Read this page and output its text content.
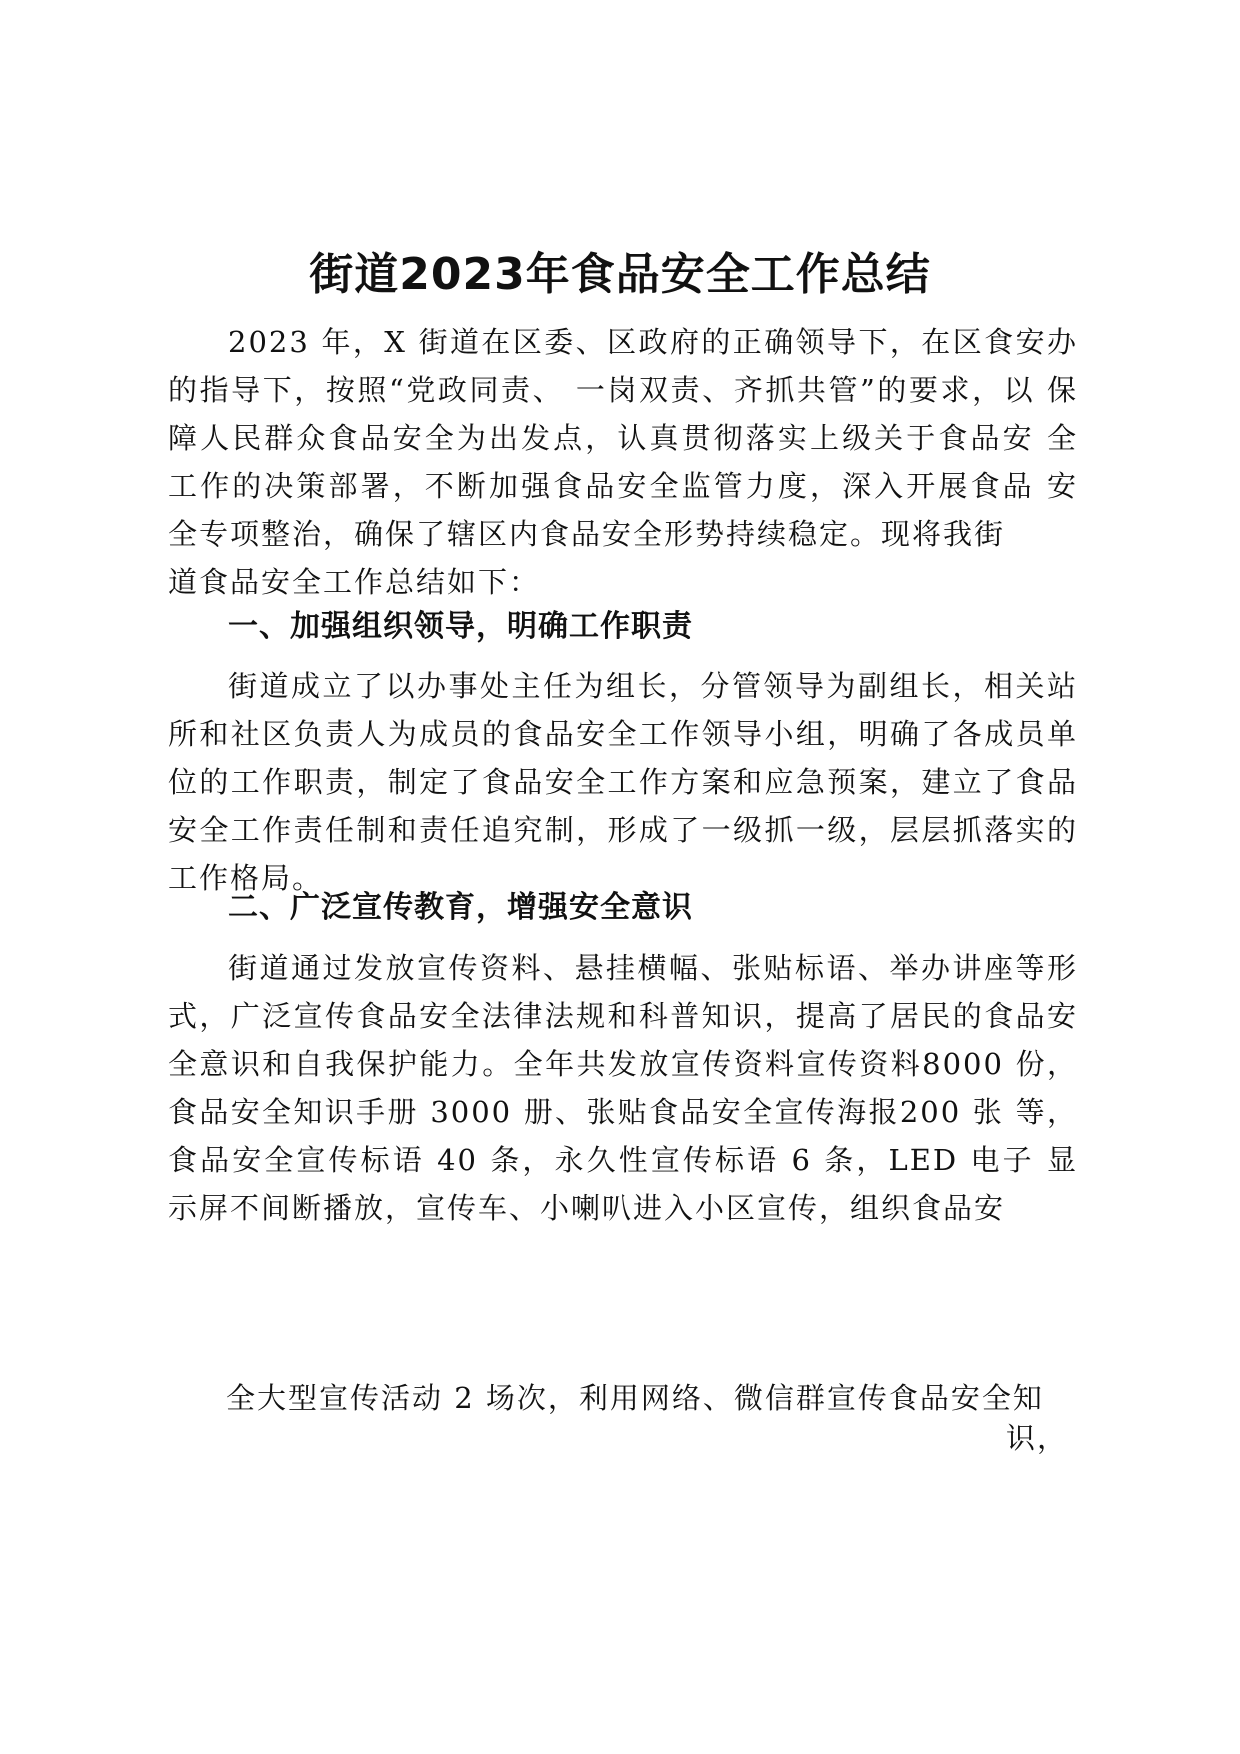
街道2023年食品安全工作总结
2023 年，X 街道在区委、区政府的正确领导下，在区食安办 的指导下，按照“党政同责、 一岗双责、齐抓共管”的要求，以 保障人民群众食品安全为出发点，认真贯彻落实上级关于食品安 全工作的决策部署，不断加强食品安全监管力度，深入开展食品 安全专项整治，确保了辖区内食品安全形势持续稳定。现将我街
道食品安全工作总结如下：
一、加强组织领导，明确工作职责
街道成立了以办事处主任为组长，分管领导为副组长，相关站所和社区负责人为成员的食品安全工作领导小组，明确了各成员单位的工作职责，制定了食品安全工作方案和应急预案，建立了食品安全工作责任制和责任追究制，形成了一级抓一级，层层抓落实的工作格局。
二、广泛宣传教育，增强安全意识
街道通过发放宣传资料、悬挂横幅、张贴标语、举办讲座等形式，广泛宣传食品安全法律法规和科普知识，提高了居民的食品安全意识和自我保护能力。全年共发放宣传资料宣传资料8000 份，食品安全知识手册 3000 册、张贴食品安全宣传海报200 张 等，食品安全宣传标语 40 条，永久性宣传标语 6 条，LED 电子 显示屏不间断播放，宣传车、小喇叭进入小区宣传，组织食品安
全大型宣传活动 2 场次，利用网络、微信群宣传食品安全知
识，
